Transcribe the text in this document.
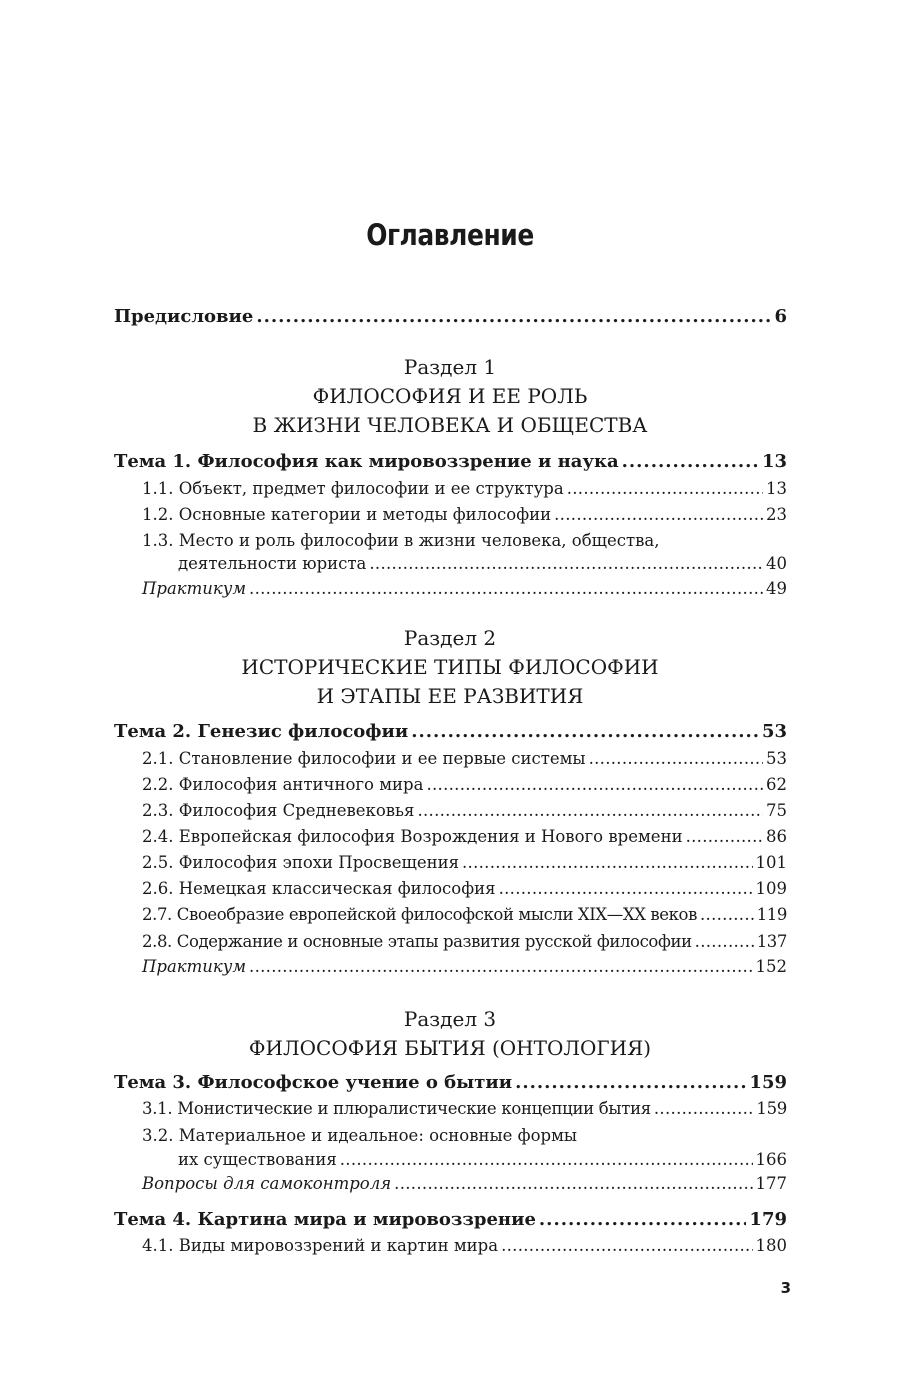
Оглавление
Предисловие .....	6
Раздел 1
ФИЛОСОФИЯ И ЕЕ РОЛЬ
В ЖИЗНИ ЧЕЛОВЕКА И ОБЩЕСТВА
Тема 1. Философия как мировоззрение и наука .....	13
1.1. Объект, предмет философии и ее структура .....	13
1.2. Основные категории и методы философии .....	23
1.3. Место и роль философии в жизни человека, общества,
деятельности юриста .....	40
Практикум .....	49
Раздел 2
ИСТОРИЧЕСКИЕ ТИПЫ ФИЛОСОФИИ
И ЭТАПЫ ЕЕ РАЗВИТИЯ
Тема 2. Генезис философии .....	53
2.1. Становление философии и ее первые системы .....	53
2.2. Философия античного мира .....	62
2.3. Философия Средневековья .....	75
2.4. Европейская философия Возрождения и Нового времени .....	86
2.5. Философия эпохи Просвещения .....	101
2.6. Немецкая классическая философия .....	109
2.7. Своеобразие европейской философской мысли XIX—XX веков .....	119
2.8. Содержание и основные этапы развития русской философии .....	137
Практикум .....	152
Раздел 3
ФИЛОСОФИЯ БЫТИЯ (ОНТОЛОГИЯ)
Тема 3. Философское учение о бытии .....	159
3.1. Монистические и плюралистические концепции бытия .....	159
3.2. Материальное и идеальное: основные формы
их существования .....	166
Вопросы для самоконтроля .....	177
Тема 4. Картина мира и мировоззрение .....	179
4.1. Виды мировоззрений и картин мира .....	180
3
